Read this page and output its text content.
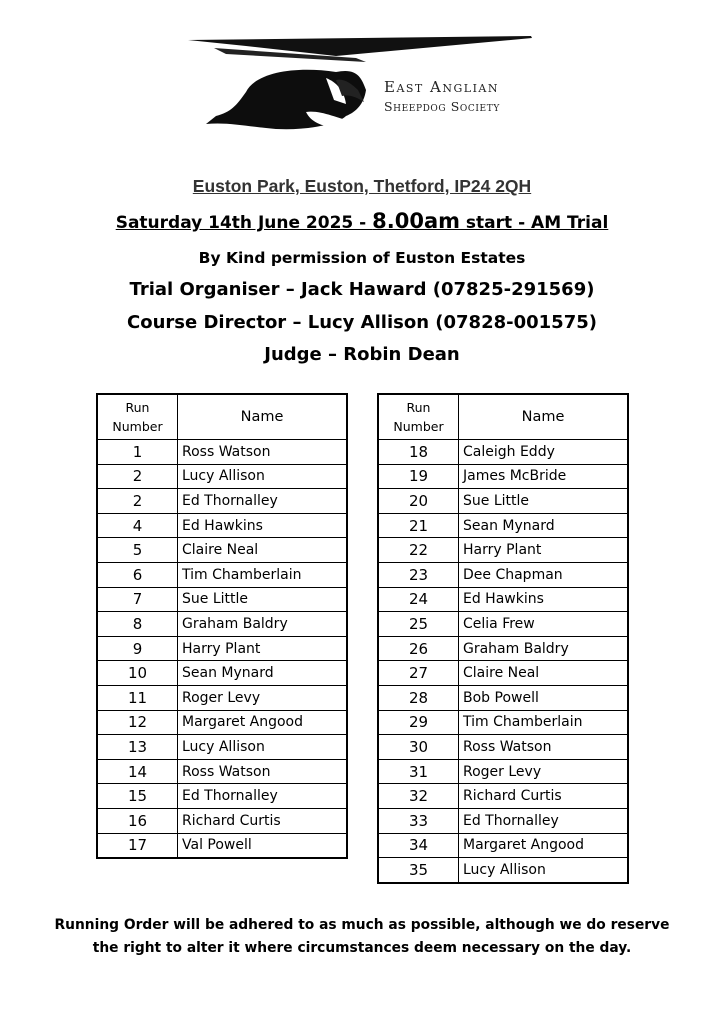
East Anglian
Sheepdog Society
Euston Park, Euston, Thetford, IP24 2QH
Saturday 14th June 2025 - 8.00am start - AM Trial
By Kind permission of Euston Estates
Trial Organiser – Jack Haward (07825-291569)
Course Director – Lucy Allison (07828-001575)
Judge – Robin Dean
Run
Number	Name
1	Ross Watson
2	Lucy Allison
2	Ed Thornalley
4	Ed Hawkins
5	Claire Neal
6	Tim Chamberlain
7	Sue Little
8	Graham Baldry
9	Harry Plant
10	Sean Mynard
11	Roger Levy
12	Margaret Angood
13	Lucy Allison
14	Ross Watson
15	Ed Thornalley
16	Richard Curtis
17	Val Powell
Run
Number	Name
18	Caleigh Eddy
19	James McBride
20	Sue Little
21	Sean Mynard
22	Harry Plant
23	Dee Chapman
24	Ed Hawkins
25	Celia Frew
26	Graham Baldry
27	Claire Neal
28	Bob Powell
29	Tim Chamberlain
30	Ross Watson
31	Roger Levy
32	Richard Curtis
33	Ed Thornalley
34	Margaret Angood
35	Lucy Allison
Running Order will be adhered to as much as possible, although we do reserve
the right to alter it where circumstances deem necessary on the day.
